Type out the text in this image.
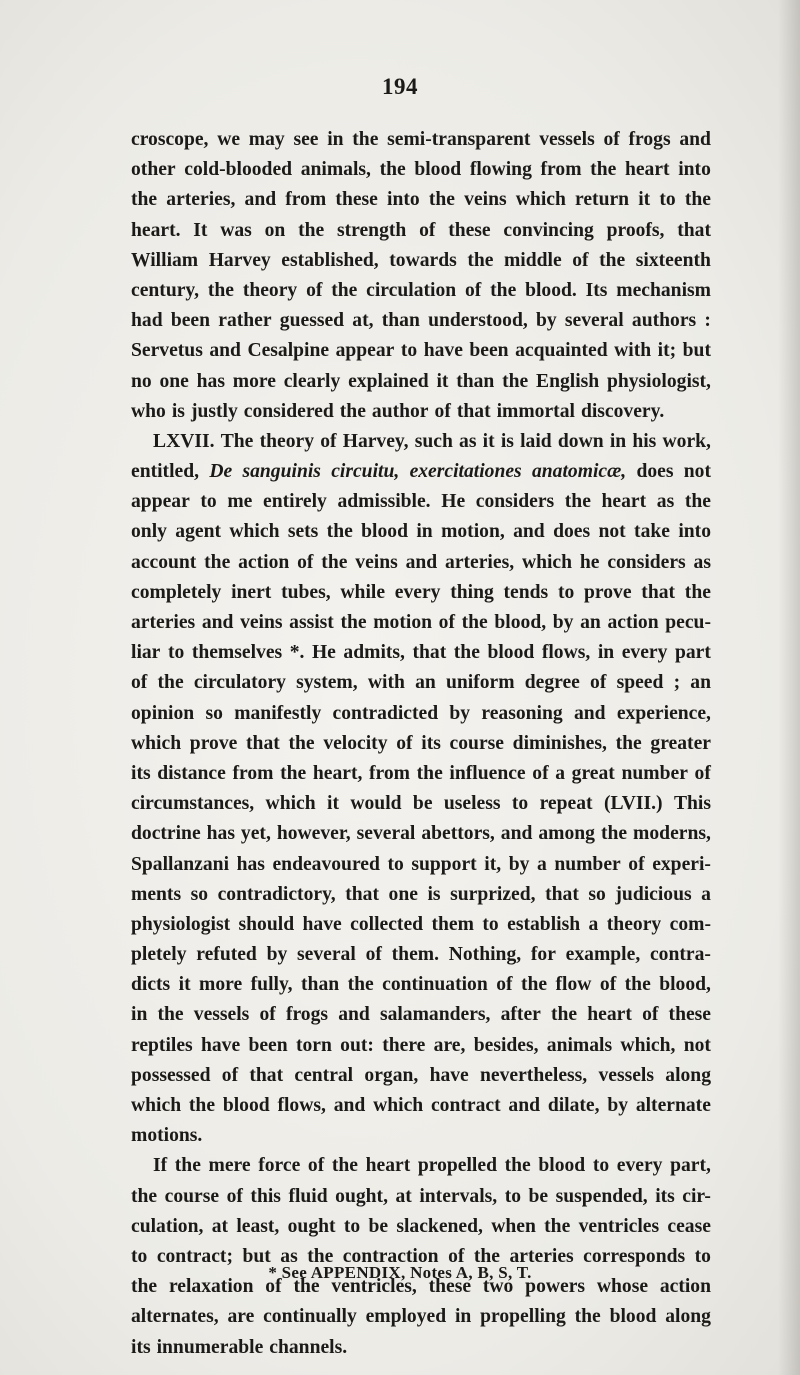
194
croscope, we may see in the semi-transparent vessels of frogs and
other cold-blooded animals, the blood flowing from the heart into
the arteries, and from these into the veins which return it to the
heart. It was on the strength of these convincing proofs, that
William Harvey established, towards the middle of the sixteenth
century, the theory of the circulation of the blood. Its mechanism
had been rather guessed at, than understood, by several authors :
Servetus and Cesalpine appear to have been acquainted with it; but
no one has more clearly explained it than the English physiologist,
who is justly considered the author of that immortal discovery.
LXVII. The theory of Harvey, such as it is laid down in his work,
entitled, De sanguinis circuitu, exercitationes anatomicæ, does not
appear to me entirely admissible. He considers the heart as the
only agent which sets the blood in motion, and does not take into
account the action of the veins and arteries, which he considers as
completely inert tubes, while every thing tends to prove that the
arteries and veins assist the motion of the blood, by an action pecu-
liar to themselves *. He admits, that the blood flows, in every part
of the circulatory system, with an uniform degree of speed ; an
opinion so manifestly contradicted by reasoning and experience,
which prove that the velocity of its course diminishes, the greater
its distance from the heart, from the influence of a great number of
circumstances, which it would be useless to repeat (LVII.) This
doctrine has yet, however, several abettors, and among the moderns,
Spallanzani has endeavoured to support it, by a number of experi-
ments so contradictory, that one is surprized, that so judicious a
physiologist should have collected them to establish a theory com-
pletely refuted by several of them. Nothing, for example, contra-
dicts it more fully, than the continuation of the flow of the blood,
in the vessels of frogs and salamanders, after the heart of these
reptiles have been torn out: there are, besides, animals which, not
possessed of that central organ, have nevertheless, vessels along
which the blood flows, and which contract and dilate, by alternate
motions.
If the mere force of the heart propelled the blood to every part,
the course of this fluid ought, at intervals, to be suspended, its cir-
culation, at least, ought to be slackened, when the ventricles cease
to contract; but as the contraction of the arteries corresponds to
the relaxation of the ventricles, these two powers whose action
alternates, are continually employed in propelling the blood along
its innumerable channels.
* See APPENDIX, Notes A, B, S, T.
